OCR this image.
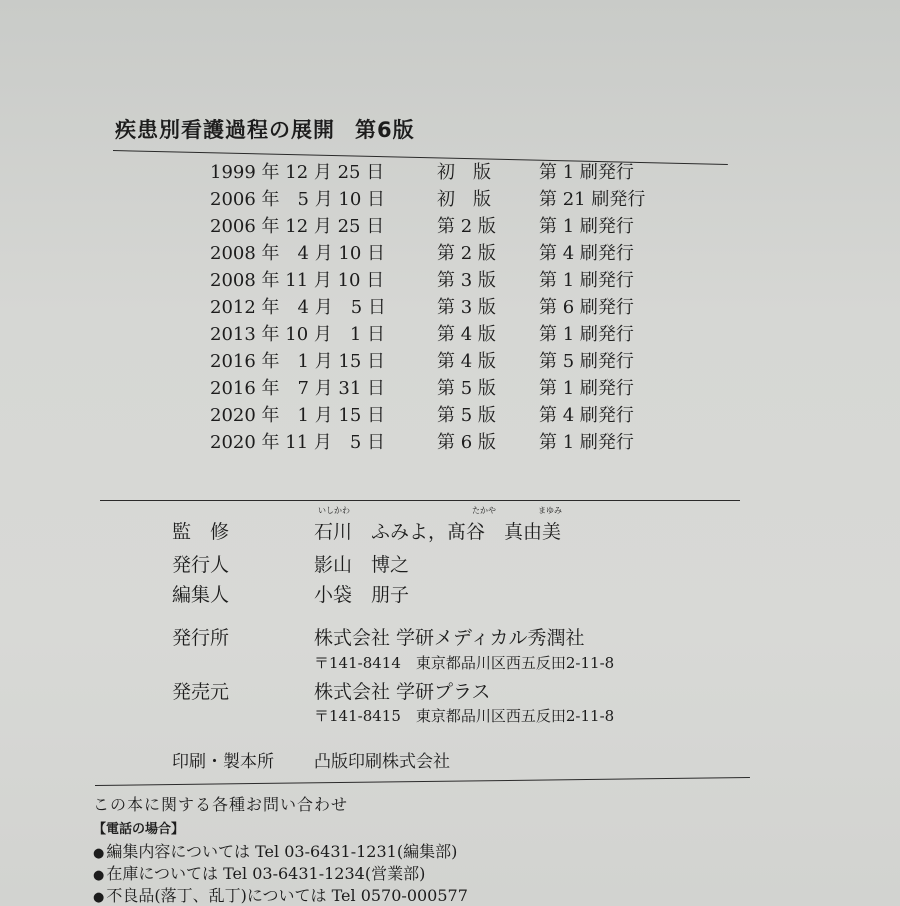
疾患別看護過程の展開 第6版
1999 年 12 月 25 日	初　版	第 1 刷発行
2006 年　5 月 10 日	初　版	第 21 刷発行
2006 年 12 月 25 日	第 2 版 第 1 刷発行
2008 年　4 月 10 日	第 2 版 第 4 刷発行
2008 年 11 月 10 日	第 3 版 第 1 刷発行
2012 年　4 月　5 日	第 3 版 第 6 刷発行
2013 年 10 月　1 日	第 4 版 第 1 刷発行
2016 年　1 月 15 日	第 4 版 第 5 刷発行
2016 年　7 月 31 日	第 5 版 第 1 刷発行
2020 年　1 月 15 日	第 5 版 第 4 刷発行
2020 年 11 月　5 日	第 6 版 第 1 刷発行
いしかわ	たかや	まゆみ
監　修	石川　ふみよ，髙谷　真由美
発行人	影山　博之
編集人	小袋　朋子
発行所	株式会社 学研メディカル秀潤社
〒141-8414　東京都品川区西五反田2-11-8
発売元	株式会社 学研プラス
〒141-8415　東京都品川区西五反田2-11-8
印刷・製本所 凸版印刷株式会社
この本に関する各種お問い合わせ
【電話の場合】
● 編集内容については Tel 03-6431-1231(編集部)
● 在庫については Tel 03-6431-1234(営業部)
● 不良品(落丁、乱丁)については Tel 0570-000577
